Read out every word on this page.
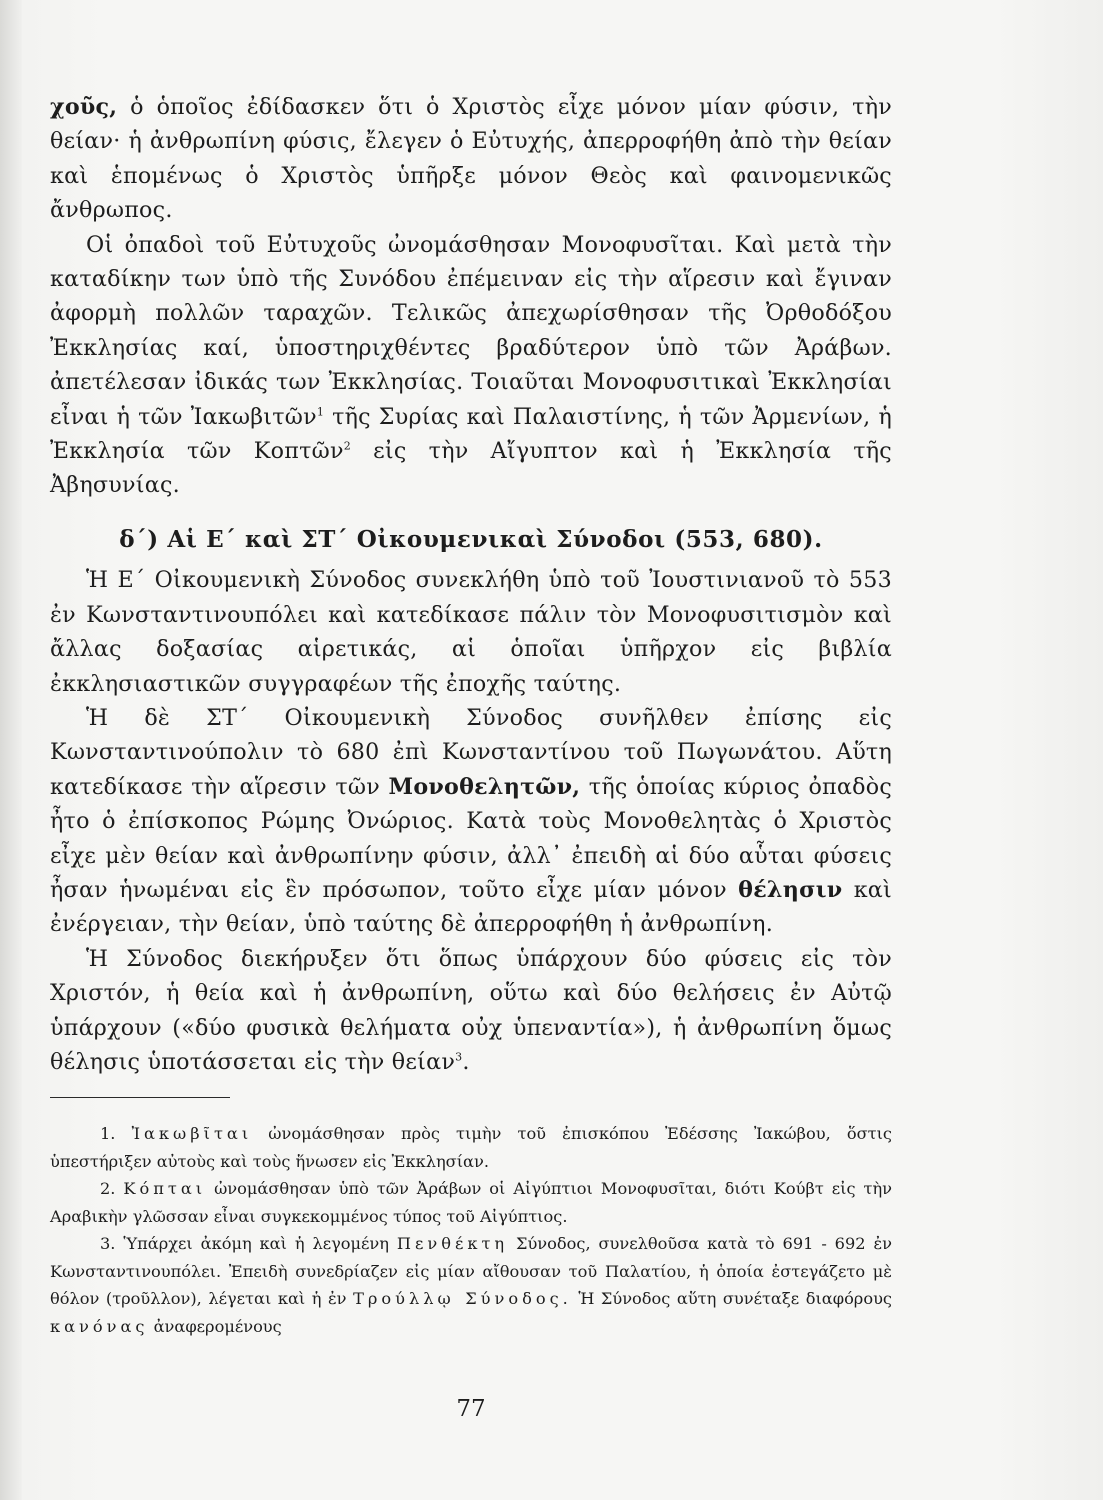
χοῦς, ὁ ὁποῖος ἐδίδασκεν ὅτι ὁ Χριστὸς εἶχε μόνον μίαν φύσιν, τὴν θείαν· ἡ ἀνθρωπίνη φύσις, ἔλεγεν ὁ Εὐτυχής, ἀπερροφήθη ἀπὸ τὴν θείαν καὶ ἑπομένως ὁ Χριστὸς ὑπῆρξε μόνον Θεὸς καὶ φαινομενικῶς ἄνθρωπος.

Οἱ ὀπαδοὶ τοῦ Εὐτυχοῦς ὠνομάσθησαν Μονοφυσῖται. Καὶ μετὰ τὴν καταδίκην των ὑπὸ τῆς Συνόδου ἐπέμειναν εἰς τὴν αἵρεσιν καὶ ἔγιναν ἀφορμὴ πολλῶν ταραχῶν. Τελικῶς ἀπεχωρίσθησαν τῆς Ὀρθοδόξου Ἐκκλησίας καί, ὑποστηριχθέντες βραδύτερον ὑπὸ τῶν Ἀράβων. ἀπετέλεσαν ἰδικάς των Ἐκκλησίας. Τοιαῦται Μονοφυσιτικαὶ Ἐκκλησίαι εἶναι ἡ τῶν Ἰακωβιτῶν$^1$ τῆς Συρίας καὶ Παλαιστίνης, ἡ τῶν Ἀρμενίων, ἡ Ἐκκλησία τῶν Κοπτῶν$^2$ εἰς τὴν Αἴγυπτον καὶ ἡ Ἐκκλησία τῆς Ἀβησυνίας.

δ΄) Αἱ Ε΄ καὶ ΣΤ΄ Οἰκουμενικαὶ Σύνοδοι (553, 680).

Ἡ Ε΄ Οἰκουμενικὴ Σύνοδος συνεκλήθη ὑπὸ τοῦ Ἰουστινιανοῦ τὸ 553 ἐν Κωνσταντινουπόλει καὶ κατεδίκασε πάλιν τὸν Μονοφυσιτισμὸν καὶ ἄλλας δοξασίας αἱρετικάς, αἱ ὁποῖαι ὑπῆρχον εἰς βιβλία ἐκκλησιαστικῶν συγγραφέων τῆς ἐποχῆς ταύτης.

Ἡ δὲ ΣΤ΄ Οἰκουμενικὴ Σύνοδος συνῆλθεν ἐπίσης εἰς Κωνσταντινούπολιν τὸ 680 ἐπὶ Κωνσταντίνου τοῦ Πωγωνάτου. Αὕτη κατεδίκασε τὴν αἵρεσιν τῶν Μονοθελητῶν, τῆς ὁποίας κύριος ὀπαδὸς ἦτο ὁ ἐπίσκοπος Ρώμης Ὀνώριος. Κατὰ τοὺς Μονοθελητὰς ὁ Χριστὸς εἶχε μὲν θείαν καὶ ἀνθρωπίνην φύσιν, ἀλλ᾽ ἐπειδὴ αἱ δύο αὗται φύσεις ἦσαν ἡνωμέναι εἰς ἓν πρόσωπον, τοῦτο εἶχε μίαν μόνον θέλησιν καὶ ἐνέργειαν, τὴν θείαν, ὑπὸ ταύτης δὲ ἀπερροφήθη ἡ ἀνθρωπίνη.

Ἡ Σύνοδος διεκήρυξεν ὅτι ὅπως ὑπάρχουν δύο φύσεις εἰς τὸν Χριστόν, ἡ θεία καὶ ἡ ἀνθρωπίνη, οὕτω καὶ δύο θελήσεις ἐν Αὐτῷ ὑπάρχουν («δύο φυσικὰ θελήματα οὐχ ὑπεναντία»), ἡ ἀνθρωπίνη ὅμως θέλησις ὑποτάσσεται εἰς τὴν θείαν$^3$.

1. Ἰακωβῖται ὠνομάσθησαν πρὸς τιμὴν τοῦ ἐπισκόπου Ἐδέσσης Ἰακώβου, ὅστις ὑπεστήριξεν αὐτοὺς καὶ τοὺς ἥνωσεν εἰς Ἐκκλησίαν.

2. Κόπται ὠνομάσθησαν ὑπὸ τῶν Ἀράβων οἱ Αἰγύπτιοι Μονοφυσῖται, διότι Κούβτ εἰς τὴν Αραβικὴν γλῶσσαν εἶναι συγκεκομμένος τύπος τοῦ Αἰγύπτιος.

3. Ὑπάρχει ἀκόμη καὶ ἡ λεγομένη Πενθέκτη Σύνοδος, συνελθοῦσα κατὰ τὸ 691 - 692 ἐν Κωνσταντινουπόλει. Ἐπειδὴ συνεδρίαζεν εἰς μίαν αἴθουσαν τοῦ Παλατίου, ἡ ὁποία ἐστεγάζετο μὲ θόλον (τροῦλλον), λέγεται καὶ ἡ ἐν Τρούλλῳ Σύνοδος. Ἡ Σύνοδος αὕτη συνέταξε διαφόρους κανόνας ἀναφερομένους

77
